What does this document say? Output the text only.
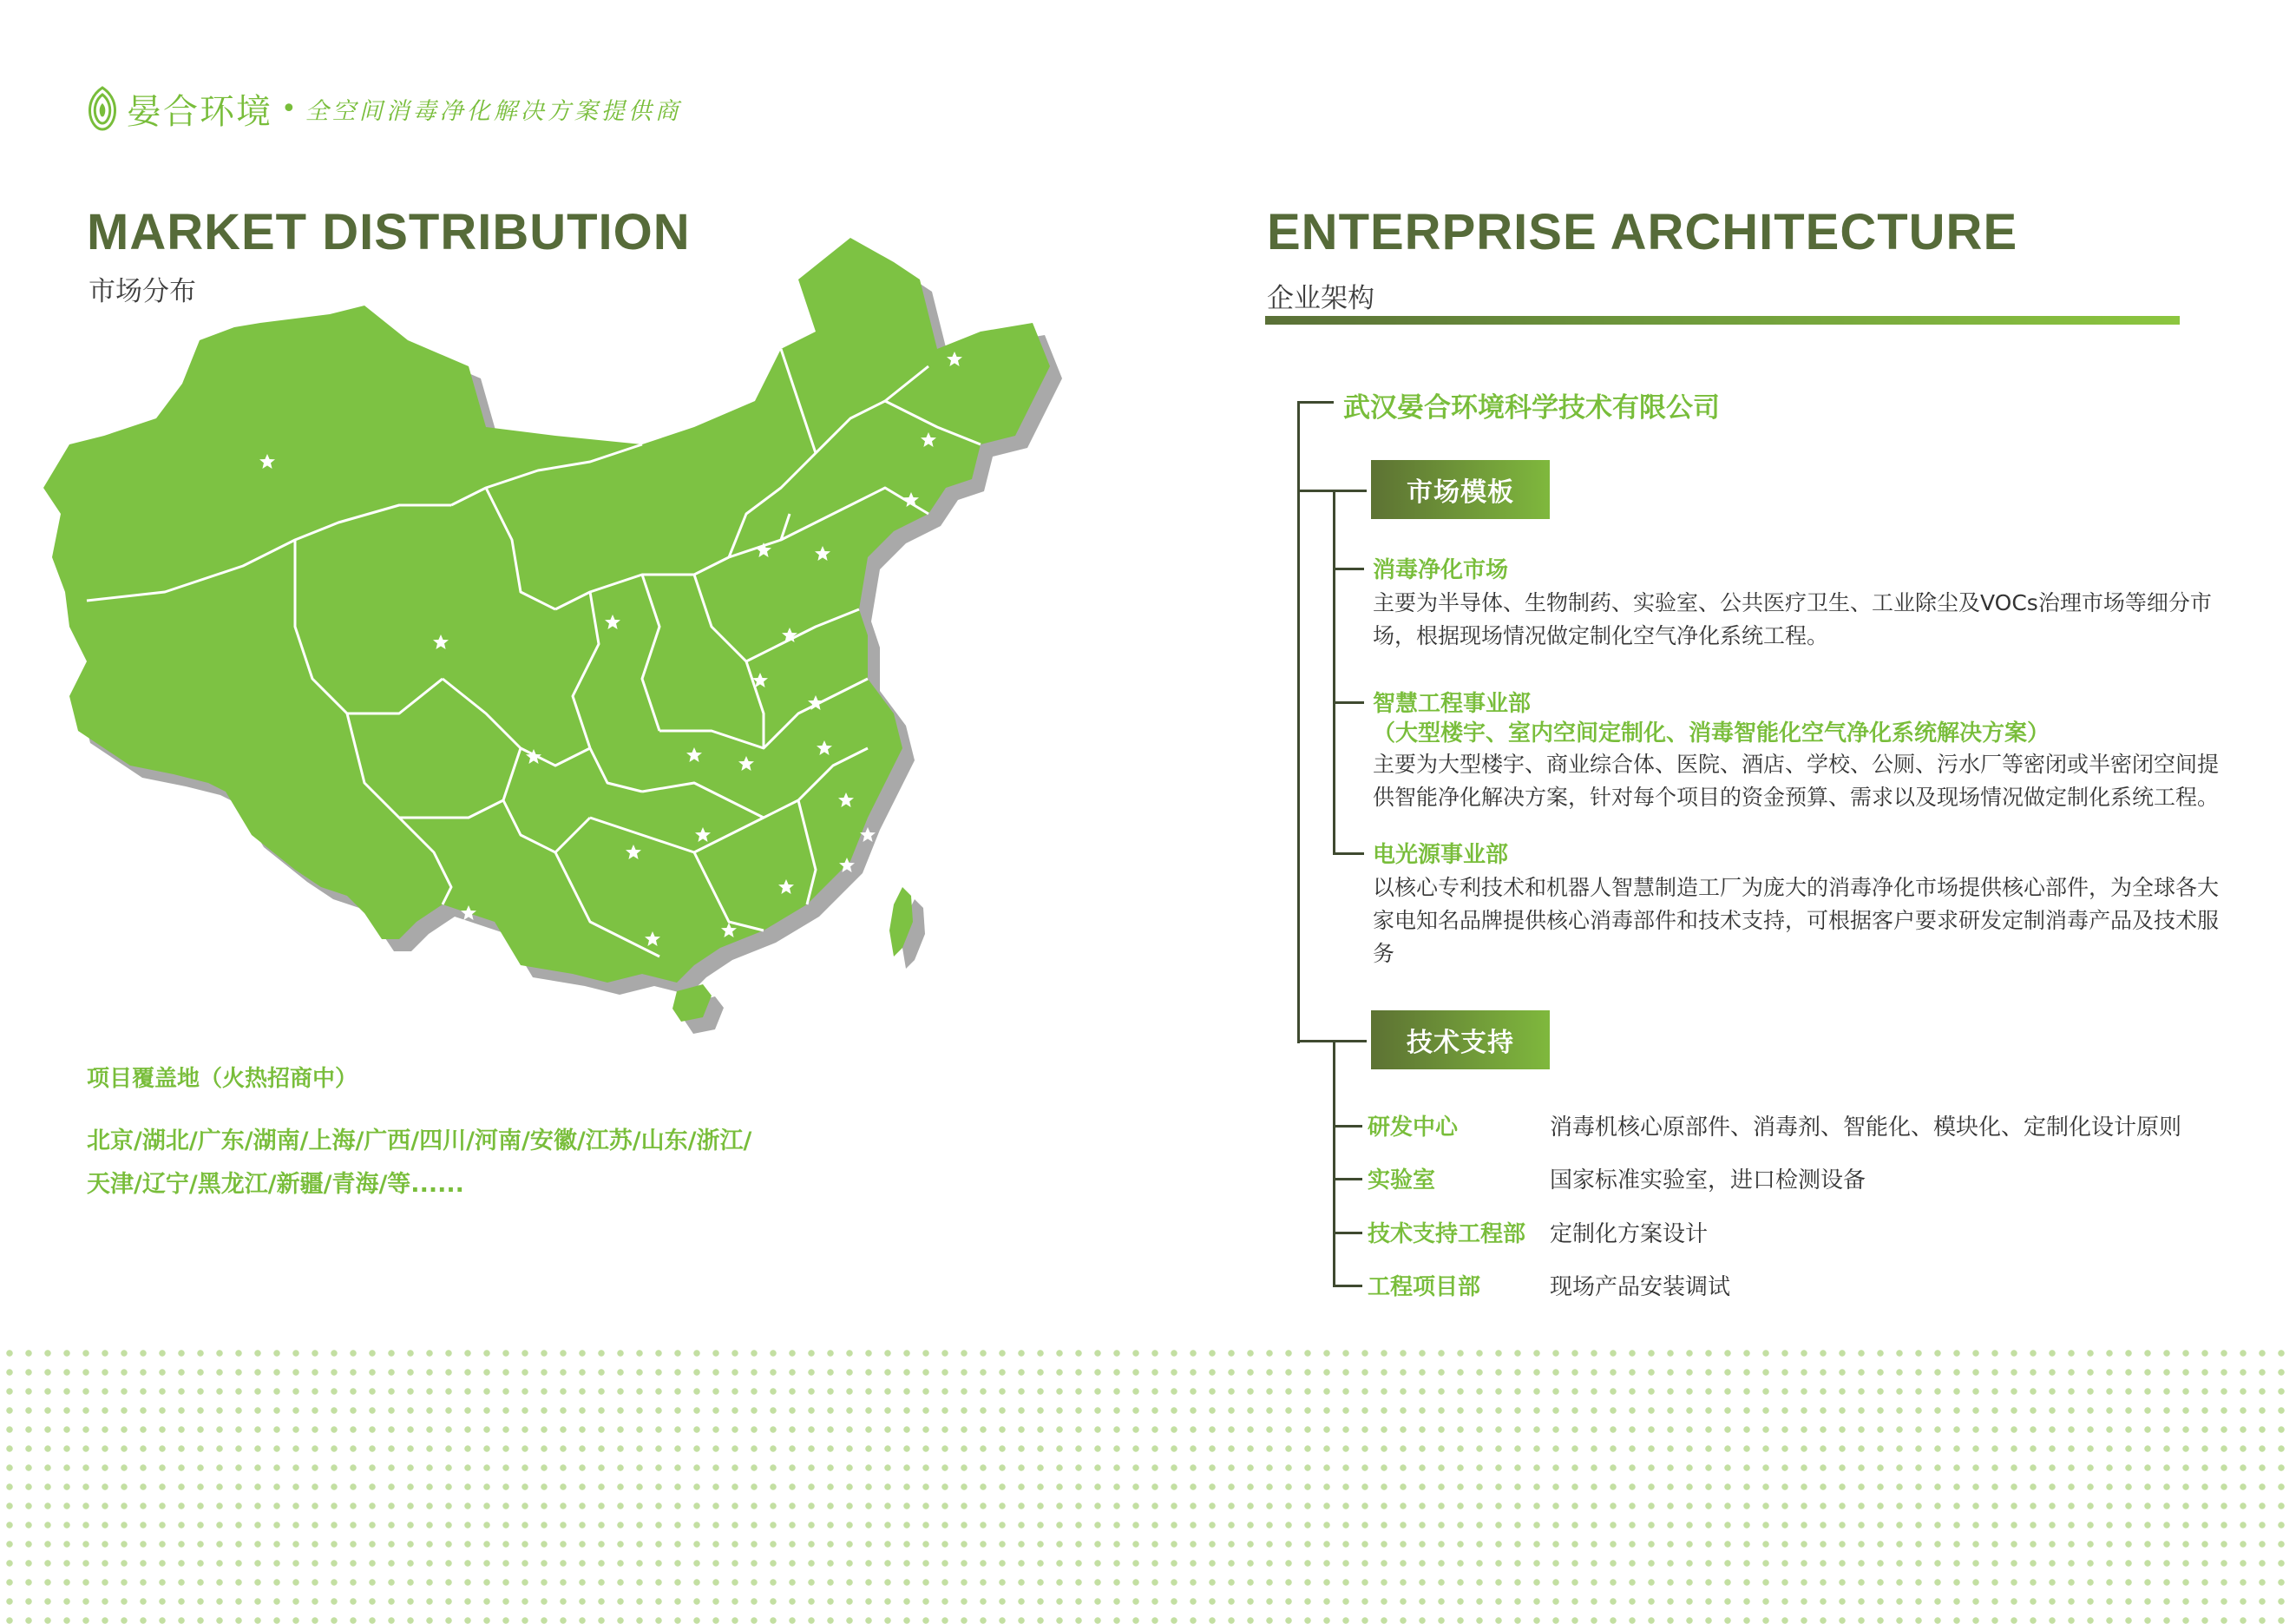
晏合环境 • 全空间消毒净化解决方案提供商
MARKET DISTRIBUTION
市场分布
项目覆盖地（火热招商中）
北京/湖北/广东/湖南/上海/广西/四川/河南/安徽/江苏/山东/浙江/
天津/辽宁/黑龙江/新疆/青海/等......
ENTERPRISE ARCHITECTURE
企业架构
武汉晏合环境科学技术有限公司
市场模板
消毒净化市场
主要为半导体、生物制药、实验室、公共医疗卫生、工业除尘及VOCs治理市场等细分市场，根据现场情况做定制化空气净化系统工程。
智慧工程事业部
（大型楼宇、室内空间定制化、消毒智能化空气净化系统解决方案）
主要为大型楼宇、商业综合体、医院、酒店、学校、公厕、污水厂等密闭或半密闭空间提供智能净化解决方案，针对每个项目的资金预算、需求以及现场情况做定制化系统工程。
电光源事业部
以核心专利技术和机器人智慧制造工厂为庞大的消毒净化市场提供核心部件，为全球各大家电知名品牌提供核心消毒部件和技术支持，可根据客户要求研发定制消毒产品及技术服务
技术支持
研发中心	消毒机核心原部件、消毒剂、智能化、模块化、定制化设计原则
实验室	国家标准实验室，进口检测设备
技术支持工程部 定制化方案设计
工程项目部	现场产品安装调试
